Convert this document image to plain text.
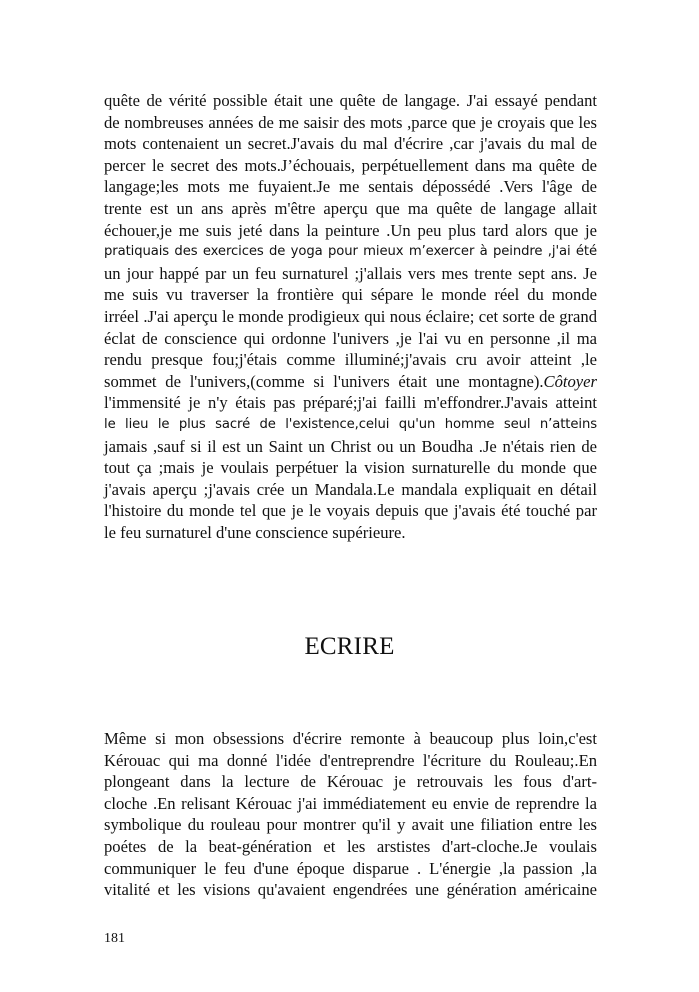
quête de vérité possible était une quête de langage. J'ai essayé pendant
de nombreuses années de me saisir des mots ,parce que je croyais que les
mots contenaient un secret.J'avais du mal d'écrire ,car j'avais du mal de
percer le secret des mots.J’échouais, perpétuellement dans ma quête de
langage;les mots me fuyaient.Je me sentais dépossédé .Vers l'âge de
trente est un ans après m'être aperçu que ma quête de langage allait
échouer,je me suis jeté dans la peinture .Un peu plus tard alors que je
pratiquais des exercices de yoga pour mieux m’exercer à peindre ,j'ai été
un jour happé par un feu surnaturel ;j'allais vers mes trente sept ans. Je
me suis vu traverser la frontière qui sépare le monde réel du monde
irréel .J'ai aperçu le monde prodigieux qui nous éclaire; cet sorte de grand
éclat de conscience qui ordonne l'univers ,je l'ai vu en personne ,il ma
rendu presque fou;j'étais comme illuminé;j'avais cru avoir atteint ,le
sommet de l'univers,(comme si l'univers était une montagne).Côtoyer
l'immensité je n'y étais pas préparé;j'ai failli m'effondrer.J'avais atteint
le lieu le plus sacré de l'existence,celui qu'un homme seul n’atteins
jamais ,sauf si il est un Saint un Christ ou un Boudha .Je n'étais rien de
tout ça ;mais je voulais perpétuer la vision surnaturelle du monde que
j'avais aperçu ;j'avais crée un Mandala.Le mandala expliquait en détail
l'histoire du monde tel que je le voyais depuis que j'avais été touché par
le feu surnaturel d'une conscience supérieure.
ECRIRE
Même si mon obsessions d'écrire remonte à beaucoup plus loin,c'est
Kérouac qui ma donné l'idée d'entreprendre l'écriture du Rouleau;.En
plongeant dans la lecture de Kérouac je retrouvais les fous d'art-
cloche .En relisant Kérouac j'ai immédiatement eu envie de reprendre la
symbolique du rouleau pour montrer qu'il y avait une filiation entre les
poétes de la beat-génération et les arstistes d'art-cloche.Je voulais
communiquer le feu d'une époque disparue . L'énergie ,la passion ,la
vitalité et les visions qu'avaient engendrées une génération américaine
181
